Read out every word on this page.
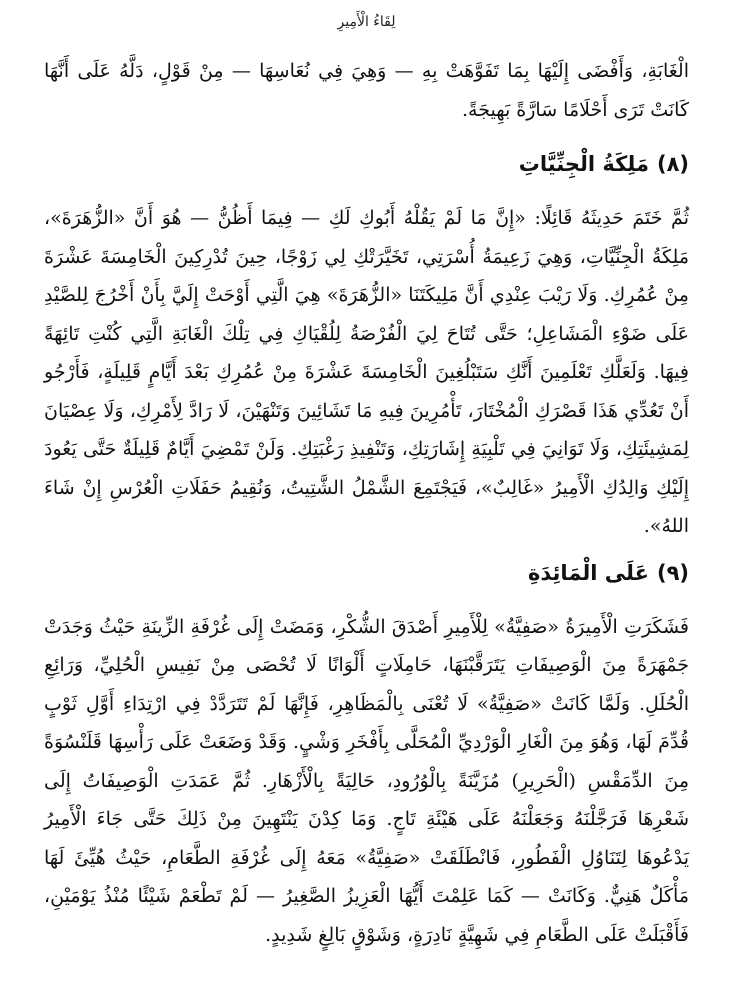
لِقَاءُ الْأَمِيرِ

الْغَابَةِ، وَأَفْضَى إِلَيْهَا بِمَا تَفَوَّهَتْ بِهِ — وَهِيَ فِي نُعَاسِهَا — مِنْ قَوْلٍ، دَلَّهُ عَلَى أَنَّهَا كَانَتْ تَرَى أَحْلَامًا سَارَّةً بَهِيجَةً.

(٨)مَلِكَةُ الْجِنِّيَّاتِ

ثُمَّ خَتَمَ حَدِيثَهُ قَائِلًا: «إِنَّ مَا لَمْ يَقُلْهُ أَبُوكِ لَكِ — فِيمَا أَظُنُّ — هُوَ أَنَّ «الزُّهَرَةَ»، مَلِكَةُ الْجِنِّيَّاتِ، وَهِيَ زَعِيمَةُ أُسْرَتِي، تَخَيَّرَتْكِ لِي زَوْجًا، حِينَ تُدْرِكِينَ الْخَامِسَةَ عَشْرَةَ مِنْ عُمُرِكِ. وَلَا رَيْبَ عِنْدِي أَنَّ مَلِيكَتَنَا «الزُّهَرَةَ» هِيَ الَّتِي أَوْحَتْ إِلَيَّ بِأَنْ أَخْرُجَ لِلصَّيْدِ عَلَى ضَوْءِ الْمَشَاعِلِ؛ حَتَّى تُتَاحَ لِيَ الْفُرْصَةُ لِلُقْيَاكِ فِي تِلْكَ الْغَابَةِ الَّتِي كُنْتِ تَائِهَةً فِيهَا. وَلَعَلَّكِ تَعْلَمِينَ أَنَّكِ سَتَبْلُغِينَ الْخَامِسَةَ عَشْرَةَ مِنْ عُمُرِكِ بَعْدَ أَيَّامٍ قَلِيلَةٍ، فَأَرْجُو أَنْ تَعُدِّي هَذَا قَصْرَكِ الْمُخْتَارَ، تَأْمُرِينَ فِيهِ مَا تَشَائِينَ وَتَنْهَيْنَ، لَا رَادَّ لِأَمْرِكِ، وَلَا عِصْيَانَ لِمَشِيئَتِكِ، وَلَا تَوَانِيَ فِي تَلْبِيَةِ إِشَارَتِكِ، وَتَنْفِيذِ رَغْبَتِكِ. وَلَنْ تَمْضِيَ أَيَّامٌ قَلِيلَةٌ حَتَّى يَعُودَ إِلَيْكِ وَالِدُكِ الْأَمِيرُ «غَالِبٌ»، فَيَجْتَمِعَ الشَّمْلُ الشَّتِيتُ، وَنُقِيمُ حَفَلَاتِ الْعُرْسِ إِنْ شَاءَ اللهُ».

(٩)عَلَى الْمَائِدَةِ

فَشَكَرَتِ الْأَمِيرَةُ «صَفِيَّةُ» لِلْأَمِيرِ أَصْدَقَ الشُّكْرِ، وَمَضَتْ إِلَى غُرْفَةِ الزِّينَةِ حَيْثُ وَجَدَتْ جَمْهَرَةً مِنَ الْوَصِيفَاتِ يَتَرَقَّبْنَهَا، حَامِلَاتٍ أَلْوَانًا لَا تُحْصَى مِنْ نَفِيسِ الْحُلِيِّ، وَرَائِعِ الْحُلَلِ. وَلَمَّا كَانَتْ «صَفِيَّةُ» لَا تُعْنَى بِالْمَظَاهِرِ، فَإِنَّهَا لَمْ تَتَرَدَّدْ فِي ارْتِدَاءِ أَوَّلِ ثَوْبٍ قُدِّمَ لَهَا، وَهُوَ مِنَ الْغَارِ الْوَرْدِيِّ الْمُحَلَّى بِأَفْخَرِ وَشْيٍ. وَقَدْ وَضَعَتْ عَلَى رَأْسِهَا قَلَنْسُوَةً مِنَ الدِّمَقْسِ (الْحَرِيرِ) مُزَيَّنَةً بِالْوُرُودِ، حَالِيَةً بِالْأَزْهَارِ. ثُمَّ عَمَدَتِ الْوَصِيفَاتُ إِلَى شَعْرِهَا فَرَجَّلْنَهُ وَجَعَلْنَهُ عَلَى هَيْئَةِ تَاجٍ. وَمَا كِدْنَ يَنْتَهِينَ مِنْ ذَلِكَ حَتَّى جَاءَ الْأَمِيرُ يَدْعُوهَا لِتَنَاوُلِ الْفَطُورِ، فَانْطَلَقَتْ «صَفِيَّةُ» مَعَهُ إِلَى غُرْفَةِ الطَّعَامِ، حَيْثُ هُيِّئَ لَهَا مَأْكَلٌ هَنِيٌّ. وَكَانَتْ — كَمَا عَلِمْتَ أَيُّهَا الْعَزِيزُ الصَّغِيرُ — لَمْ تَطْعَمْ شَيْئًا مُنْذُ يَوْمَيْنِ، فَأَقْبَلَتْ عَلَى الطَّعَامِ فِي شَهِيَّةٍ نَادِرَةٍ، وَشَوْقٍ بَالِغٍ شَدِيدٍ.
